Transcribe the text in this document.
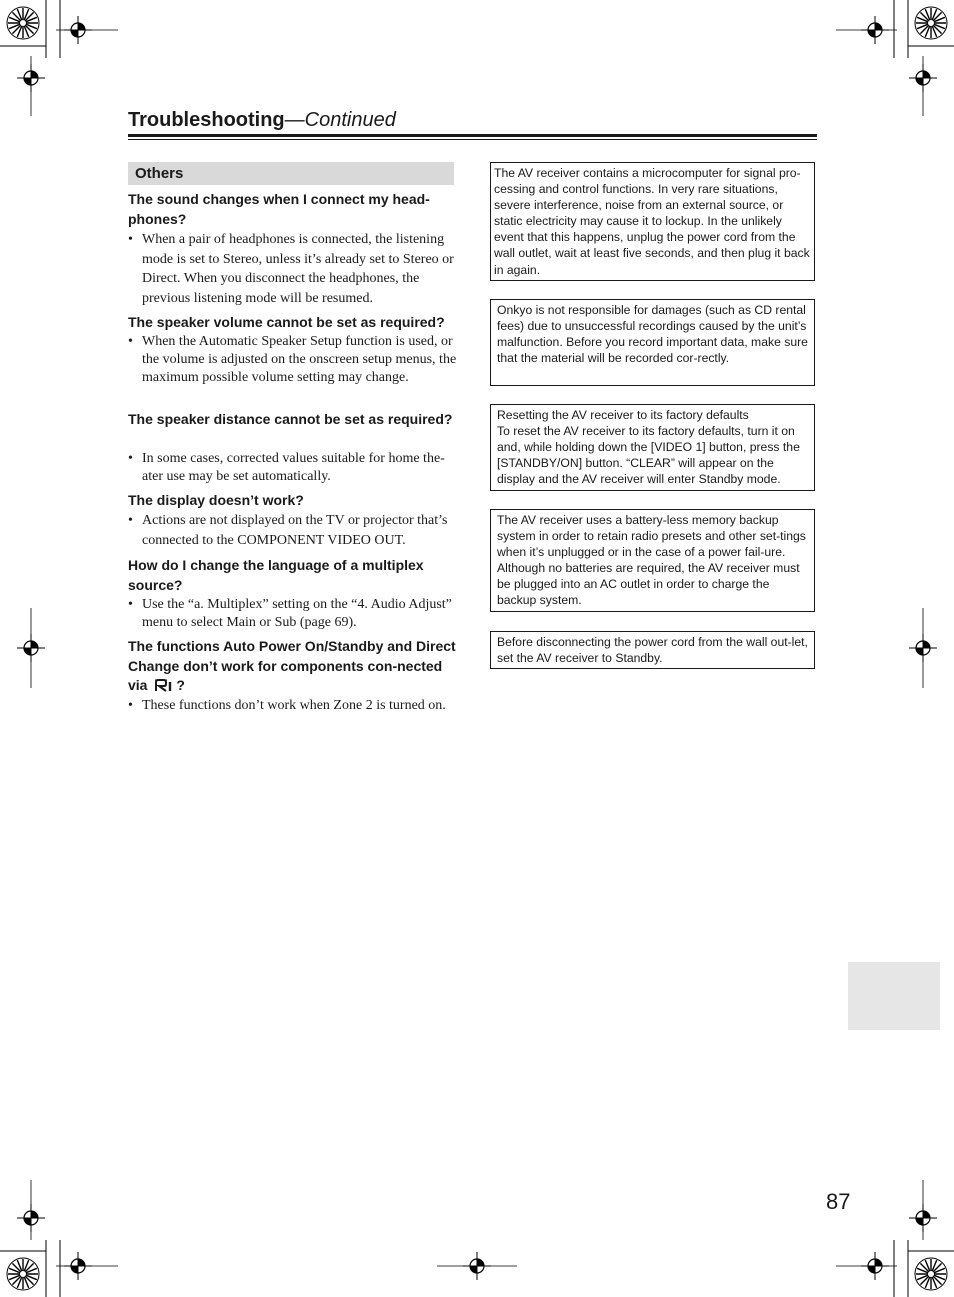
Troubleshooting—Continued
Others
The sound changes when I connect my head-phones?
• When a pair of headphones is connected, the listening mode is set to Stereo, unless it’s already set to Stereo or Direct. When you disconnect the headphones, the previous listening mode will be resumed.
The speaker volume cannot be set as required?
• When the Automatic Speaker Setup function is used, or the volume is adjusted on the onscreen setup menus, the maximum possible volume setting may change.
The speaker distance cannot be set as required?
• In some cases, corrected values suitable for home the-ater use may be set automatically.
The display doesn’t work?
• Actions are not displayed on the TV or projector that’s connected to the COMPONENT VIDEO OUT.
How do I change the language of a multiplex source?
• Use the “a. Multiplex” setting on the “4. Audio Adjust” menu to select Main or Sub (page 69).
The functions Auto Power On/Standby and Direct Change don’t work for components con-nected via ?
• These functions don’t work when Zone 2 is turned on.

The AV receiver contains a microcomputer for signal pro-cessing and control functions. In very rare situations, severe interference, noise from an external source, or static electricity may cause it to lockup. In the unlikely event that this happens, unplug the power cord from the wall outlet, wait at least five seconds, and then plug it back in again.

Onkyo is not responsible for damages (such as CD rental fees) due to unsuccessful recordings caused by the unit’s malfunction. Before you record important data, make sure that the material will be recorded cor-rectly.

Resetting the AV receiver to its factory defaults

To reset the AV receiver to its factory defaults, turn it on and, while holding down the [VIDEO 1] button, press the [STANDBY/ON] button. “CLEAR” will appear on the display and the AV receiver will enter Standby mode.

The AV receiver uses a battery-less memory backup system in order to retain radio presets and other set-tings when it’s unplugged or in the case of a power fail-ure. Although no batteries are required, the AV receiver must be plugged into an AC outlet in order to charge the backup system.

Before disconnecting the power cord from the wall out-let, set the AV receiver to Standby.

87
